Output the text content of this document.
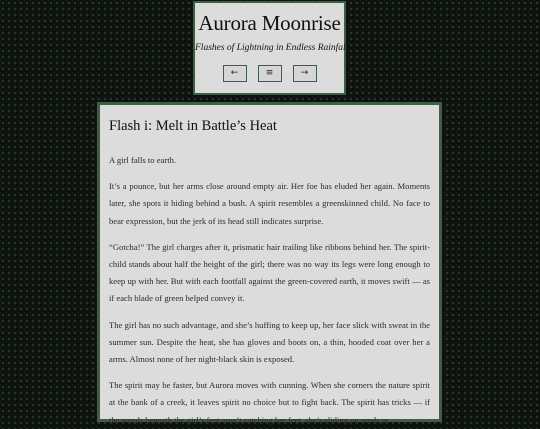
Aurora Moonrise
Flashes of Lightning in Endless Rainfall
←	≡	→
Flash i: Melt in Battle’s Heat

A girl falls to earth.

It’s a pounce, but her arms close around empty air. Her foe has eluded her again. Moments later, she spots it hiding behind a bush. A spirit resembles a greenskinned child. No face to bear expression, but the jerk of its head still indicates surprise.

“Gotcha!” The girl charges after it, prismatic hair trailing like ribbons behind her. The spirit-child stands about half the height of the girl; there was no way its legs were long enough to keep up with her. But with each footfall against the green-covered earth, it moves swift — as if each blade of green helped convey it.

The girl has no such advantage, and she’s huffing to keep up, her face slick with sweat in the summer sun. Despite the heat, she has gloves and boots on, a thin, hooded coat over her a arms. Almost none of her night-black skin is exposed.

The spirit may be faster, but Aurora moves with cunning. When she corners the nature spirit at the bank of a creek, it leaves spirit no choice but to fight back. The spirit has tricks — if the weeds beneath the girl’s feet aren’t catching her feet, she’s sliding on seeds or
